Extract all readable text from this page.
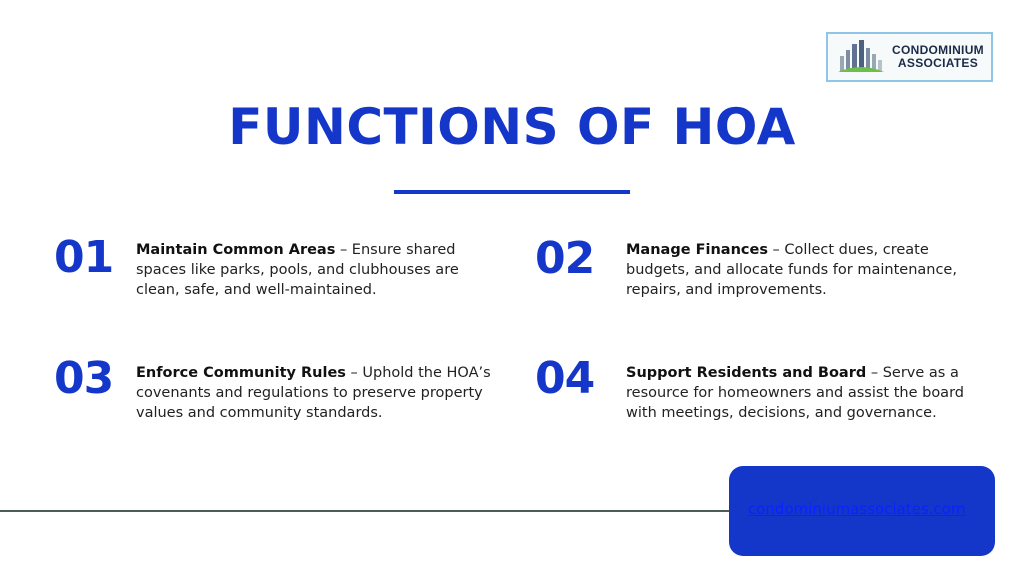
CONDOMINIUM
ASSOCIATES
FUNCTIONS OF HOA
01 Maintain Common Areas – Ensure shared spaces like parks, pools, and clubhouses are clean, safe, and well-maintained.
02 Manage Finances – Collect dues, create budgets, and allocate funds for maintenance, repairs, and improvements.
03 Enforce Community Rules – Uphold the HOA’s covenants and regulations to preserve property values and community standards.
04 Support Residents and Board – Serve as a resource for homeowners and assist the board with meetings, decisions, and governance.
condominiumassociates.com
